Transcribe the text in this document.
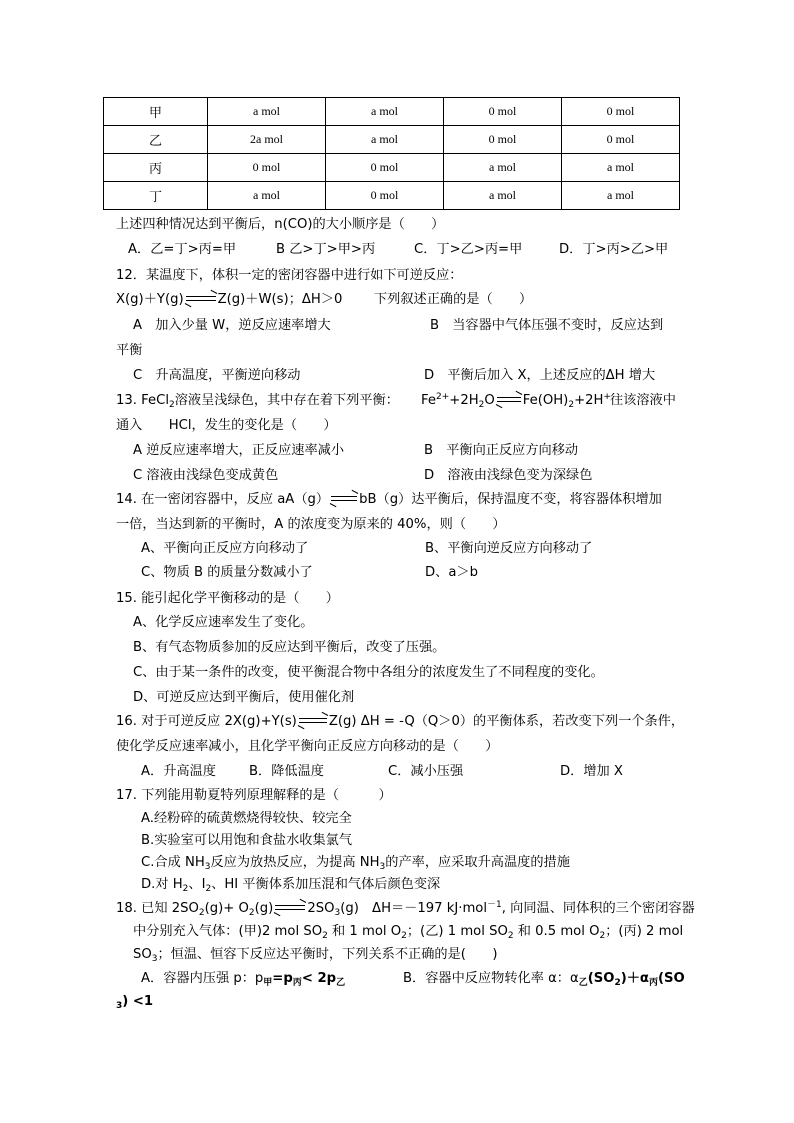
甲	a mol	a mol	0 mol	0 mol
乙	2a mol	a mol	0 mol	0 mol
丙	0 mol	0 mol	a mol	a mol
丁	a mol	0 mol	a mol	a mol
上述四种情况达到平衡后，n(CO)的大小顺序是（　　）
A．乙=丁>丙=甲	B 乙>丁>甲>丙	C．丁>乙>丙=甲	D．丁>丙>乙>甲
12．某温度下，体积一定的密闭容器中进行如下可逆反应：
X(g)＋Y(g) ⇌ Z(g)＋W(s)；ΔH＞0 下列叙述正确的是（　　）
A　加入少量 W，逆反应速率增大	B　当容器中气体压强不变时，反应达到
平衡
C　升高温度，平衡逆向移动	D　平衡后加入 X，上述反应的ΔH 增大
13. FeCl$_2$溶液呈浅绿色，其中存在着下列平衡： $Fe^{2+}+2H_2O$ ⇌ $Fe(OH)_2+2H^+$ 往该溶液中
通入　　HCl，发生的变化是（　　）
A 逆反应速率增大，正反应速率减小	B　平衡向正反应方向移动
C 溶液由浅绿色变成黄色	D　溶液由浅绿色变为深绿色
14. 在一密闭容器中，反应 aA（g） ⇌ bB（g）达平衡后，保持温度不变，将容器体积增加
一倍，当达到新的平衡时，A 的浓度变为原来的 40%，则（　　）
A、平衡向正反应方向移动了	B、平衡向逆反应方向移动了
C、物质 B 的质量分数减小了	D、a＞b
15. 能引起化学平衡移动的是（　　）
A、化学反应速率发生了变化。
B、有气态物质参加的反应达到平衡后，改变了压强。
C、由于某一条件的改变，使平衡混合物中各组分的浓度发生了不同程度的变化。
D、可逆反应达到平衡后，使用催化剂
16. 对于可逆反应 2X(g)+Y(s) ⇌ Z(g) ΔH = -Q（Q＞0）的平衡体系，若改变下列一个条件，
使化学反应速率减小，且化学平衡向正反应方向移动的是（　　）
A．升高温度	B．降低温度	C．减小压强	D．增加 X
17. 下列能用勒夏特列原理解释的是（　　　）
A.经粉碎的硫黄燃烧得较快、较完全
B.实验室可以用饱和食盐水收集氯气
C.合成 $NH_3$反应为放热反应，为提高 $NH_3$的产率，应采取升高温度的措施
D.对 $H_2$、$I_2$、HI 平衡体系加压混和气体后颜色变深
18. 已知 $2SO_2(g)+ O_2(g)$ ⇌ $2SO_3(g)$　ΔH＝－197 kJ·mol$^{-1}$, 向同温、同体积的三个密闭容器
中分别充入气体：(甲)2 mol $SO_2$ 和 1 mol $O_2$；(乙) 1 mol $SO_2$ 和 0.5 mol $O_2$；(丙) 2 mol
$SO_3$；恒温、恒容下反应达平衡时，下列关系不正确的是(　　)
A．容器内压强 p：$p_甲=p_丙< 2p_乙$	B．容器中反应物转化率 α：$\alpha_乙(SO_2)+\alpha_丙(SO$
$_3$) <1
